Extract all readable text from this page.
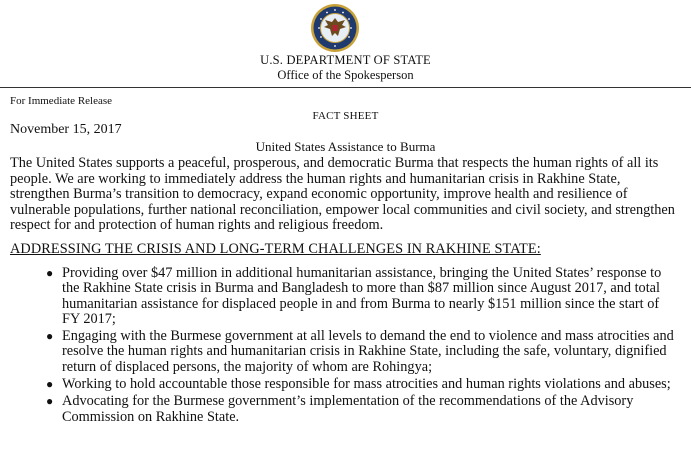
U.S. DEPARTMENT OF STATE
Office of the Spokesperson
For Immediate Release
FACT SHEET
November 15, 2017
United States Assistance to Burma

The United States supports a peaceful, prosperous, and democratic Burma that respects the human rights of all its people. We are working to immediately address the human rights and humanitarian crisis in Rakhine State, strengthen Burma’s transition to democracy, expand economic opportunity, improve health and resilience of vulnerable populations, further national reconciliation, empower local communities and civil society, and strengthen respect for and protection of human rights and religious freedom.

ADDRESSING THE CRISIS AND LONG-TERM CHALLENGES IN RAKHINE STATE:
● Providing over $47 million in additional humanitarian assistance, bringing the United States’ response to the Rakhine State crisis in Burma and Bangladesh to more than $87 million since August 2017, and total humanitarian assistance for displaced people in and from Burma to nearly $151 million since the start of FY 2017;
● Engaging with the Burmese government at all levels to demand the end to violence and mass atrocities and resolve the human rights and humanitarian crisis in Rakhine State, including the safe, voluntary, dignified return of displaced persons, the majority of whom are Rohingya;
● Working to hold accountable those responsible for mass atrocities and human rights violations and abuses;
● Advocating for the Burmese government’s implementation of the recommendations of the Advisory Commission on Rakhine State.
